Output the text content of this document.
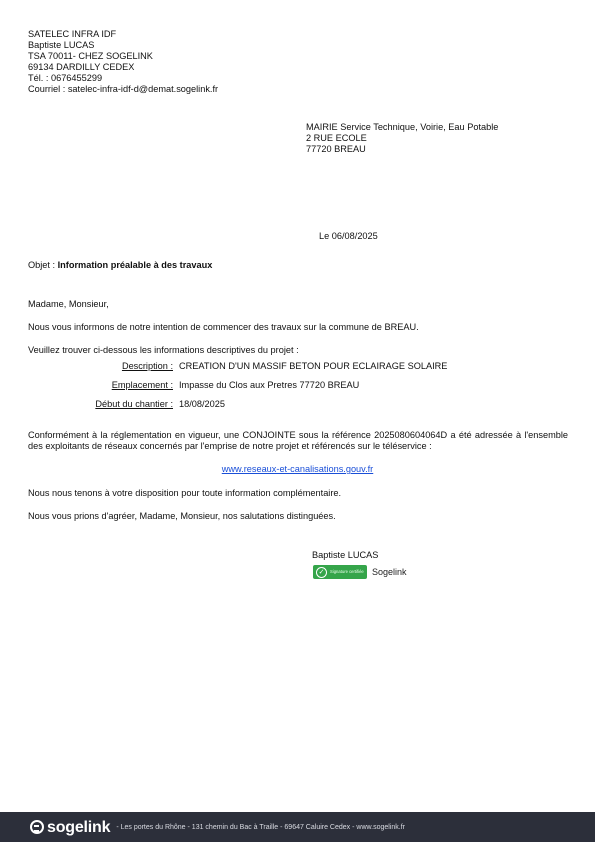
SATELEC INFRA IDF
Baptiste LUCAS
TSA 70011- CHEZ SOGELINK
69134 DARDILLY CEDEX
Tél. : 0676455299
Courriel : satelec-infra-idf-d@demat.sogelink.fr
MAIRIE Service Technique, Voirie, Eau Potable
2 RUE ECOLE
77720 BREAU
Le 06/08/2025
Objet : Information préalable à des travaux
Madame, Monsieur,
Nous vous informons de notre intention de commencer des travaux sur la commune de BREAU.
Veuillez trouver ci-dessous les informations descriptives du projet :
Description : CREATION D'UN MASSIF BETON POUR ECLAIRAGE SOLAIRE
Emplacement : Impasse du Clos aux Pretres 77720 BREAU
Début du chantier : 18/08/2025
Conformément à la réglementation en vigueur, une CONJOINTE sous la référence 2025080604064D a été adressée à l'ensemble des exploitants de réseaux concernés par l'emprise de notre projet et référencés sur le téléservice :
www.reseaux-et-canalisations.gouv.fr
Nous nous tenons à votre disposition pour toute information complémentaire.
Nous vous prions d'agréer, Madame, Monsieur, nos salutations distinguées.
Baptiste LUCAS
✓	Signature certifiée Sogelink
sogelink - Les portes du Rhône - 131 chemin du Bac à Traille - 69647 Caluire Cedex - www.sogelink.fr
